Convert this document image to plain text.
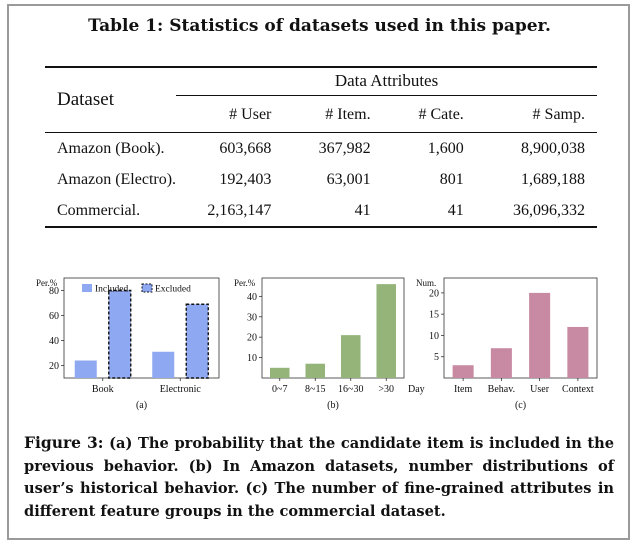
Table 1: Statistics of datasets used in this paper.
Dataset	Data Attributes			

	# User	# Item.	# Cate.	# Samp.
Amazon (Book).	603,668	367,982	1,600	8,900,038
Amazon (Electro).	192,403	63,001	801	1,689,188
Commercial.	2,163,147	41	41	36,096,332
20
40
60
80
Per.%
(a)
Book	Electronic
Included	Excluded
10
20
30
40
Per.%
(b)
0~7 8~15 16~30 >30 Day
5
10
15
20
Num.
(c)
Item Behav. User Context
Figure 3: (a) The probability that the candidate item is included in the previous behavior. (b) In Amazon datasets, number distributions of user’s historical behavior. (c) The number of fine-grained attributes in different feature groups in the commercial dataset.
